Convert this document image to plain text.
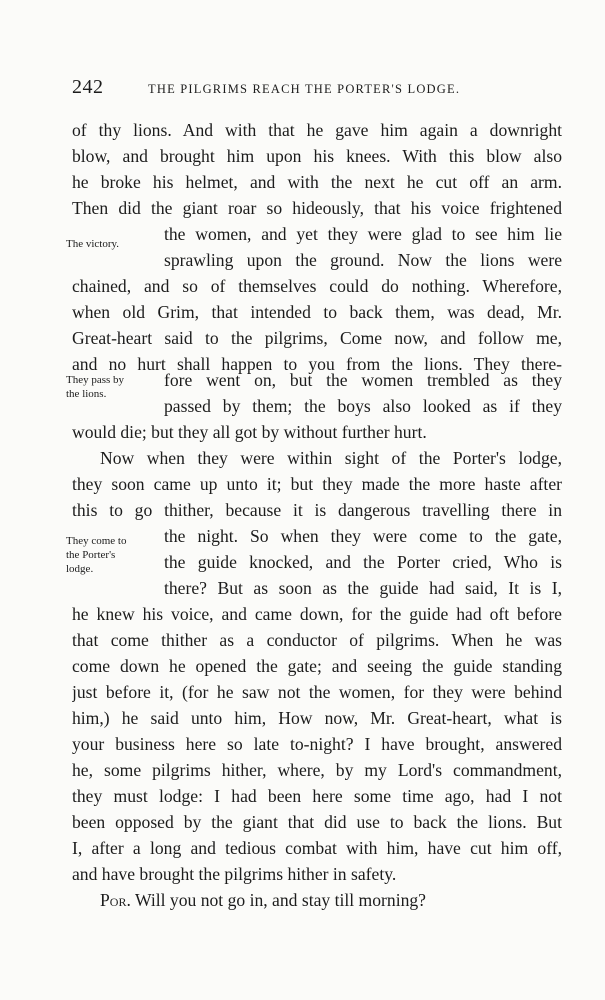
242	THE PILGRIMS REACH THE PORTER'S LODGE.
of thy lions. And with that he gave him again a downright
blow, and brought him upon his knees. With this blow also
he broke his helmet, and with the next he cut off an arm.
Then did the giant roar so hideously, that his voice frightened
the women, and yet they were glad to see him lie
The victory.
sprawling upon the ground. Now the lions were
chained, and so of themselves could do nothing. Wherefore,
when old Grim, that intended to back them, was dead, Mr.
Great-heart said to the pilgrims, Come now, and follow me,
and no hurt shall happen to you from the lions. They there-
They pass by
the lions.
fore went on, but the women trembled as they
passed by them; the boys also looked as if they
would die; but they all got by without further hurt.
Now when they were within sight of the Porter's lodge,
they soon came up unto it; but they made the more haste after
this to go thither, because it is dangerous travelling there in
the night. So when they were come to the gate,
They come to
the Porter's
lodge.	the guide knocked, and the Porter cried, Who is
there? But as soon as the guide had said, It is I,
he knew his voice, and came down, for the guide had oft before
that come thither as a conductor of pilgrims. When he was
come down he opened the gate; and seeing the guide standing
just before it, (for he saw not the women, for they were behind
him,) he said unto him, How now, Mr. Great-heart, what is
your business here so late to-night? I have brought, answered
he, some pilgrims hither, where, by my Lord's commandment,
they must lodge: I had been here some time ago, had I not
been opposed by the giant that did use to back the lions. But
I, after a long and tedious combat with him, have cut him off,
and have brought the pilgrims hither in safety.
Por. Will you not go in, and stay till morning?
